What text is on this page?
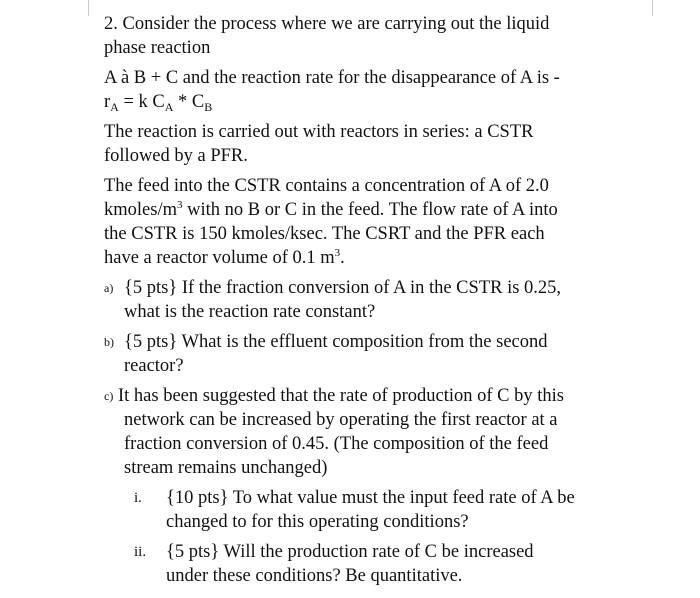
2. Consider the process where we are carrying out the liquid
phase reaction

A à B + C and the reaction rate for the disappearance of A is -
$r_A = k$ $C_A * C_B$

The reaction is carried out with reactors in series: a CSTR
followed by a PFR.

The feed into the CSTR contains a concentration of A of 2.0
kmoles/$m^3$ with no B or C in the feed. The flow rate of A into
the CSTR is 150 kmoles/ksec. The CSRT and the PFR each
have a reactor volume of 0.1 $m^3$.

a) {5 pts} If the fraction conversion of A in the CSTR is 0.25,
what is the reaction rate constant?
b) {5 pts} What is the effluent composition from the second
reactor?
c) It has been suggested that the rate of production of C by this
network can be increased by operating the first reactor at a
fraction conversion of 0.45. (The composition of the feed
stream remains unchanged)
i. {10 pts} To what value must the input feed rate of A be
changed to for this operating conditions?
ii. {5 pts} Will the production rate of C be increased
under these conditions? Be quantitative.
